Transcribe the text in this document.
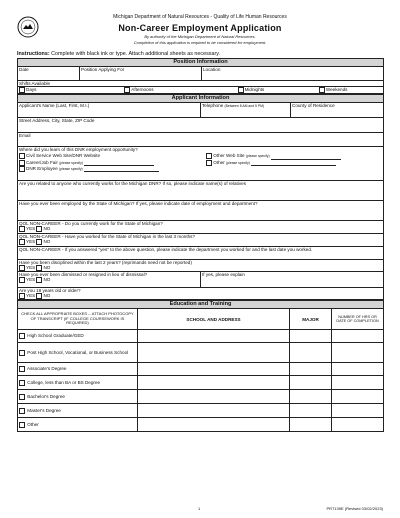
Michigan Department of Natural Resources - Quality of Life Human Resources
Non-Career Employment Application
By authority of the Michigan Department of Natural Resources.
Completion of this application is required to be considered for employment.
Instructions: Complete with black ink or type. Attach additional sheets as necessary.
Position Information
Date	Position Applying For	Location
Shifts Available
Days	Afternoons	Midnights	Weekends
Applicant Information		
Applicant's Name (Last, First, M.I.)	Telephone (Between 8 AM and 5 PM)	County of Residence
Street Address, City, State, ZIP Code		
Email		

Where did you learn of this DNR employment opportunity?
Civil Service Web Site/DNR Website Other Web Site (please specify)
Career/Job Fair (please specify) Other (please specify)
DNR Employee (please specify)		

Are you related to anyone who currently works for the Michigan DNR? If so, please indicate name(s) of relatives		
Have you ever been employed by the State of Michigan? If yes, please indicate date of employment and department?		

QOL NON-CAREER - Do you currently work for the State of Michigan?
YES NO		

QOL NON-CAREER - Have you worked for the State of Michigan in the last 3 months?
YES NO		

QOL NON-CAREER - If you answered "yes" to the above question, please indicate the department you worked for and the last date you worked.		

Have you been disciplined within the last 2 years? (reprimands need not be reported)
YES NO		

Have you ever been dismissed or resigned in lieu of dismissal?
YES NO	If yes, please explain	

Are you 18 years old or older?
YES NO		
Education and Training			
CHECK ALL APPROPRIATE BOXES -- ATTACH PHOTOCOPY OF TRANSCRIPT (IF COLLEGE COURSEWORK IS REQUIRED)	SCHOOL AND ADDRESS	MAJOR	NUMBER OF HRS OR DATE OF COMPLETION
High School Graduate/GED			
Post High School, Vocational, or Business School			
Associate's Degree			
College, less than BA or BS Degree			
Bachelor's Degree			
Master's Degree			
Other			
1	PR7139E (Revised 03/02/2023)
